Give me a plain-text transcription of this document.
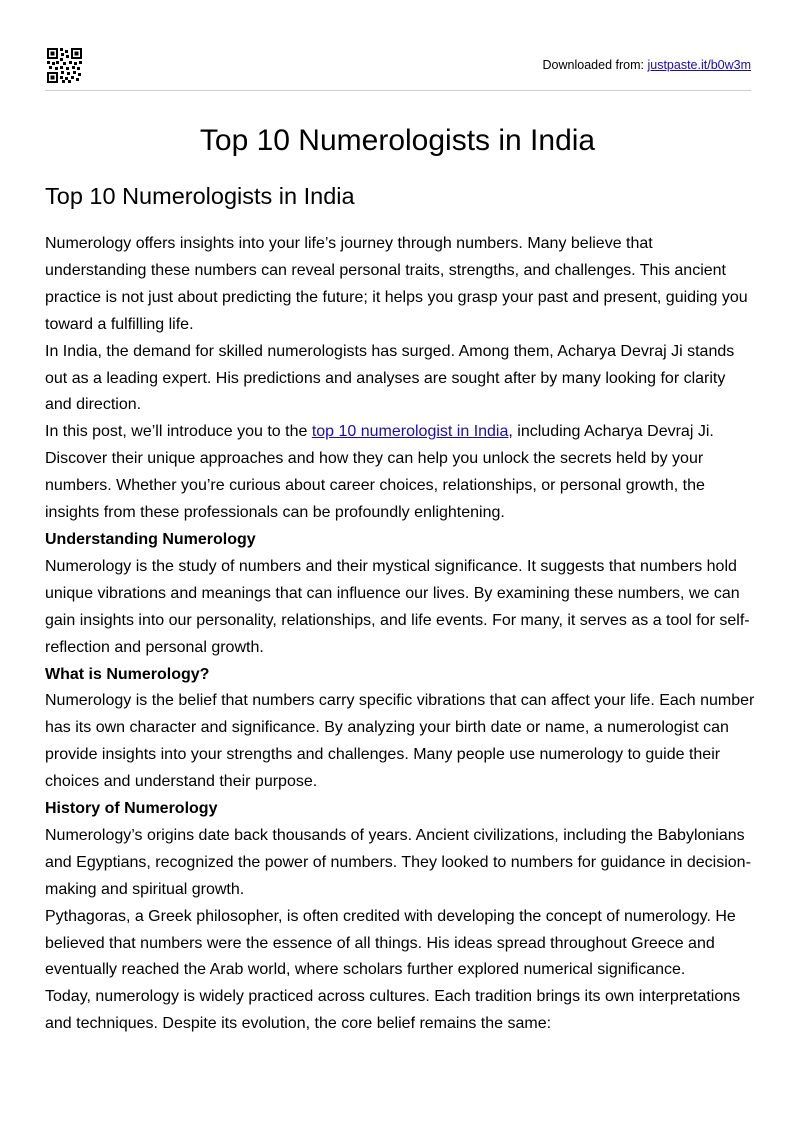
Downloaded from: justpaste.it/b0w3m
Top 10 Numerologists in India
Top 10 Numerologists in India

Numerology offers insights into your life’s journey through numbers. Many believe that understanding these numbers can reveal personal traits, strengths, and challenges. This ancient practice is not just about predicting the future; it helps you grasp your past and present, guiding you toward a fulfilling life.

In India, the demand for skilled numerologists has surged. Among them, Acharya Devraj Ji stands out as a leading expert. His predictions and analyses are sought after by many looking for clarity and direction.

In this post, we’ll introduce you to the top 10 numerologist in India, including Acharya Devraj Ji. Discover their unique approaches and how they can help you unlock the secrets held by your numbers. Whether you’re curious about career choices, relationships, or personal growth, the insights from these professionals can be profoundly enlightening.

Understanding Numerology

Numerology is the study of numbers and their mystical significance. It suggests that numbers hold unique vibrations and meanings that can influence our lives. By examining these numbers, we can gain insights into our personality, relationships, and life events. For many, it serves as a tool for self-reflection and personal growth.

What is Numerology?

Numerology is the belief that numbers carry specific vibrations that can affect your life. Each number has its own character and significance. By analyzing your birth date or name, a numerologist can provide insights into your strengths and challenges. Many people use numerology to guide their choices and understand their purpose.

History of Numerology

Numerology’s origins date back thousands of years. Ancient civilizations, including the Babylonians and Egyptians, recognized the power of numbers. They looked to numbers for guidance in decision-making and spiritual growth.

Pythagoras, a Greek philosopher, is often credited with developing the concept of numerology. He believed that numbers were the essence of all things. His ideas spread throughout Greece and eventually reached the Arab world, where scholars further explored numerical significance.

Today, numerology is widely practiced across cultures. Each tradition brings its own interpretations and techniques. Despite its evolution, the core belief remains the same:
